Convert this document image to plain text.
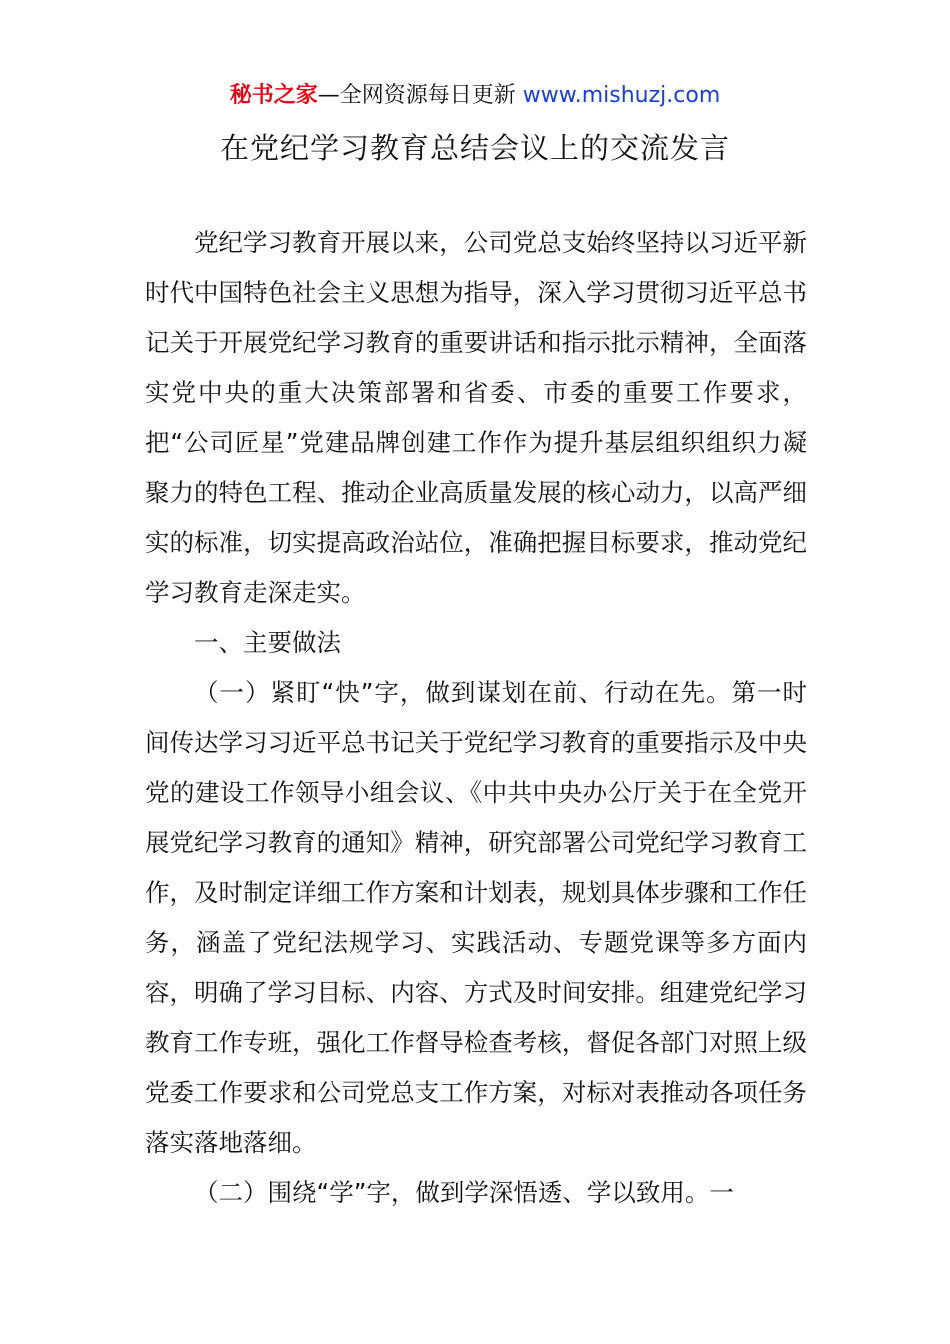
秘书之家—全网资源每日更新 www.mishuzj.com
在党纪学习教育总结会议上的交流发言

党纪学习教育开展以来，公司党总支始终坚持以习近平新时代中国特色社会主义思想为指导，深入学习贯彻习近平总书记关于开展党纪学习教育的重要讲话和指示批示精神，全面落实党中央的重大决策部署和省委、市委的重要工作要求，把“公司匠星”党建品牌创建工作作为提升基层组织组织力凝聚力的特色工程、推动企业高质量发展的核心动力，以高严细实的标准，切实提高政治站位，准确把握目标要求，推动党纪学习教育走深走实。

一、主要做法

（一）紧盯“快”字，做到谋划在前、行动在先。第一时间传达学习习近平总书记关于党纪学习教育的重要指示及中央党的建设工作领导小组会议、《中共中央办公厅关于在全党开展党纪学习教育的通知》精神，研究部署公司党纪学习教育工作，及时制定详细工作方案和计划表，规划具体步骤和工作任务，涵盖了党纪法规学习、实践活动、专题党课等多方面内容，明确了学习目标、内容、方式及时间安排。组建党纪学习教育工作专班，强化工作督导检查考核，督促各部门对照上级党委工作要求和公司党总支工作方案，对标对表推动各项任务落实落地落细。

（二）围绕“学”字，做到学深悟透、学以致用。一
